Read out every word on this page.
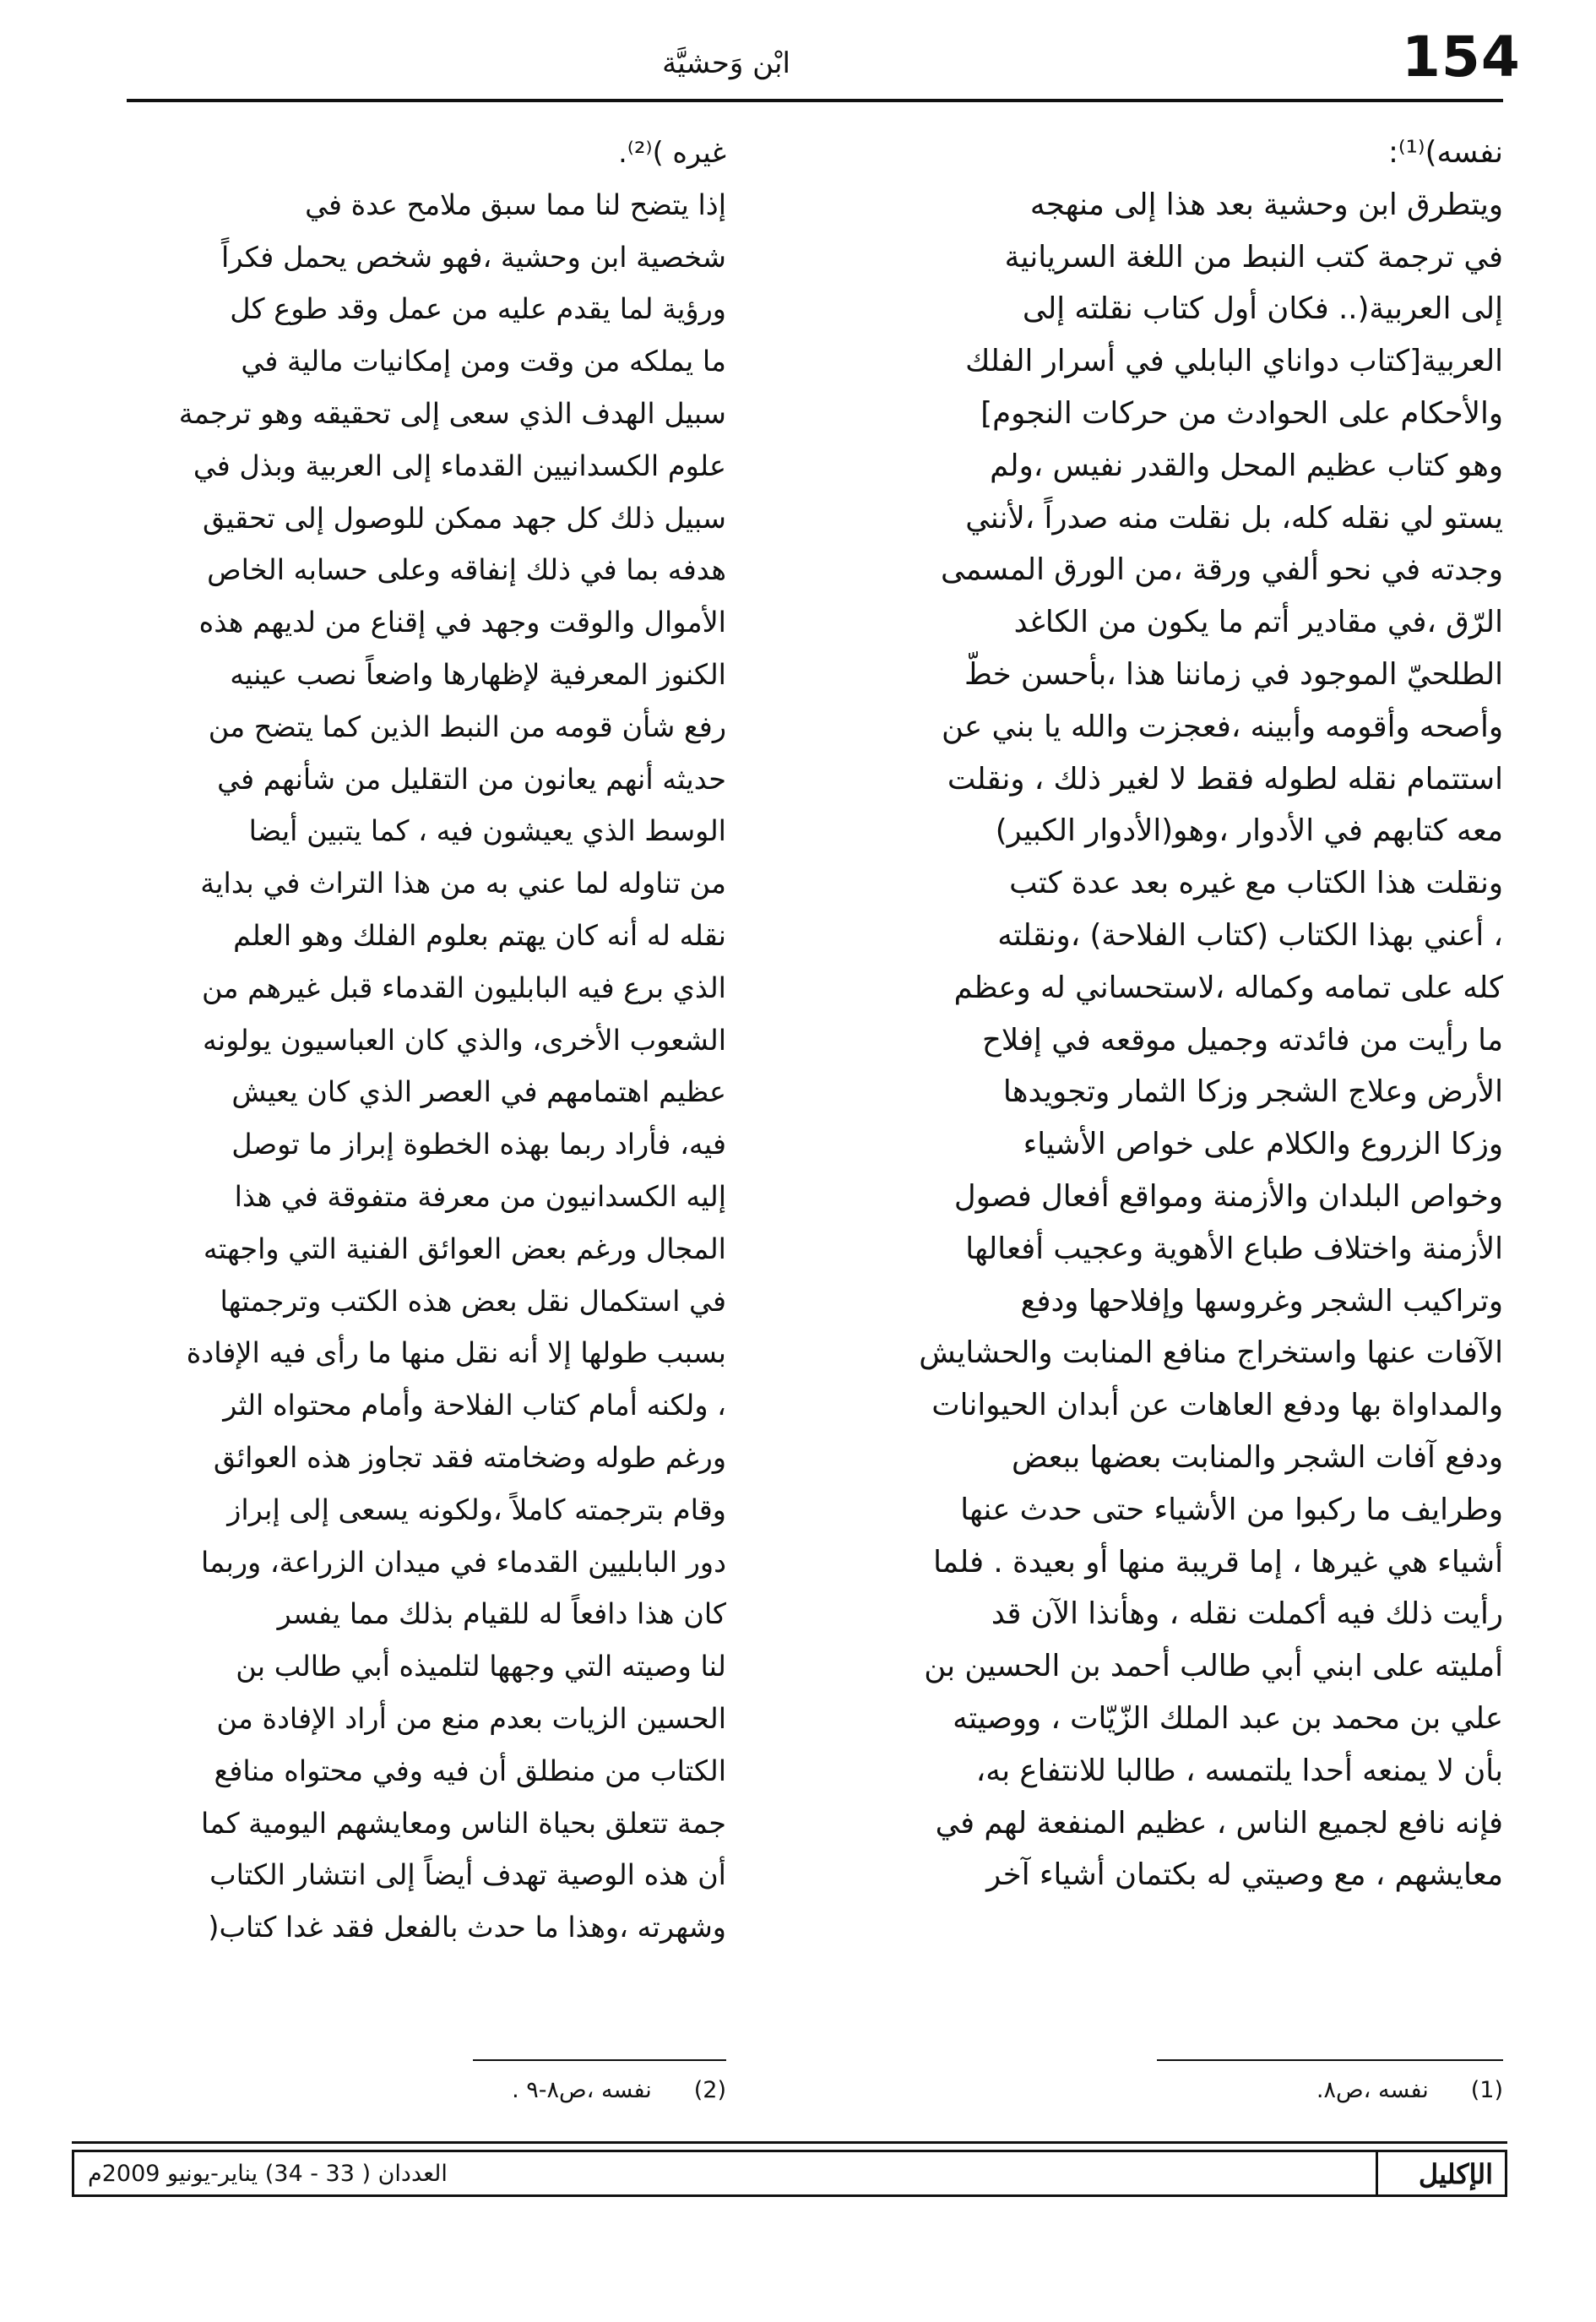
154
ابْن وَحشيَّة
نفسه)⁽¹⁾:
ويتطرق ابن وحشية بعد هذا إلى منهجه
في ترجمة كتب النبط من اللغة السريانية
إلى العربية(.. فكان أول كتاب نقلته إلى
العربية[كتاب دواناي البابلي في أسرار الفلك
والأحكام على الحوادث من حركات النجوم]
وهو كتاب عظيم المحل والقدر نفيس ،ولم
يستو لي نقله كله، بل نقلت منه صدراً ،لأنني
وجدته في نحو ألفي ورقة ،من الورق المسمى
الرّق ،في مقادير أتم ما يكون من الكاغد
الطلحيّ الموجود في زماننا هذا ،بأحسن خطّ
وأصحه وأقومه وأبينه ،فعجزت والله يا بني عن
استتمام نقله لطوله فقط لا لغير ذلك ، ونقلت
معه كتابهم في الأدوار ،وهو(الأدوار الكبير)
ونقلت هذا الكتاب مع غيره بعد عدة كتب
، أعني بهذا الكتاب (كتاب الفلاحة) ،ونقلته
كله على تمامه وكماله ،لاستحساني له وعظم
ما رأيت من فائدته وجميل موقعه في إفلاح
الأرض وعلاج الشجر وزكا الثمار وتجويدها
وزكا الزروع والكلام على خواص الأشياء
وخواص البلدان والأزمنة ومواقع أفعال فصول
الأزمنة واختلاف طباع الأهوية وعجيب أفعالها
وتراكيب الشجر وغروسها وإفلاحها ودفع
الآفات عنها واستخراج منافع المنابت والحشايش
والمداواة بها ودفع العاهات عن أبدان الحيوانات
ودفع آفات الشجر والمنابت بعضها ببعض
وطرايف ما ركبوا من الأشياء حتى حدث عنها
أشياء هي غيرها ، إما قريبة منها أو بعيدة . فلما
رأيت ذلك فيه أكملت نقله ، وهأنذا الآن قد
أمليته على ابني أبي طالب أحمد بن الحسين بن
علي بن محمد بن عبد الملك الزّيّات ، ووصيته
بأن لا يمنعه أحدا يلتمسه ، طالبا للانتفاع به،
فإنه نافع لجميع الناس ، عظيم المنفعة لهم في
معايشهم ، مع وصيتي له بكتمان أشياء آخر
غيره )⁽²⁾.
إذا يتضح لنا مما سبق ملامح عدة في
شخصية ابن وحشية ،فهو شخص يحمل فكراً
ورؤية لما يقدم عليه من عمل وقد طوع كل
ما يملكه من وقت ومن إمكانيات مالية في
سبيل الهدف الذي سعى إلى تحقيقه وهو ترجمة
علوم الكسدانيين القدماء إلى العربية وبذل في
سبيل ذلك كل جهد ممكن للوصول إلى تحقيق
هدفه بما في ذلك إنفاقه وعلى حسابه الخاص
الأموال والوقت وجهد في إقناع من لديهم هذه
الكنوز المعرفية لإظهارها واضعاً نصب عينيه
رفع شأن قومه من النبط الذين كما يتضح من
حديثه أنهم يعانون من التقليل من شأنهم في
الوسط الذي يعيشون فيه ، كما يتبين أيضا
من تناوله لما عني به من هذا التراث في بداية
نقله له أنه كان يهتم بعلوم الفلك وهو العلم
الذي برع فيه البابليون القدماء قبل غيرهم من
الشعوب الأخرى، والذي كان العباسيون يولونه
عظيم اهتمامهم في العصر الذي كان يعيش
فيه، فأراد ربما بهذه الخطوة إبراز ما توصل
إليه الكسدانيون من معرفة متفوقة في هذا
المجال ورغم بعض العوائق الفنية التي واجهته
في استكمال نقل بعض هذه الكتب وترجمتها
بسبب طولها إلا أنه نقل منها ما رأى فيه الإفادة
، ولكنه أمام كتاب الفلاحة وأمام محتواه الثر
ورغم طوله وضخامته فقد تجاوز هذه العوائق
وقام بترجمته كاملاً ،ولكونه يسعى إلى إبراز
دور البابليين القدماء في ميدان الزراعة، وربما
كان هذا دافعاً له للقيام بذلك مما يفسر
لنا وصيته التي وجهها لتلميذه أبي طالب بن
الحسين الزيات بعدم منع من أراد الإفادة من
الكتاب من منطلق أن فيه وفي محتواه منافع
جمة تتعلق بحياة الناس ومعايشهم اليومية كما
أن هذه الوصية تهدف أيضاً إلى انتشار الكتاب
وشهرته ،وهذا ما حدث بالفعل فقد غدا كتاب(
(1)نفسه ،ص٨.
(2)نفسه ،ص٨-٩ .
الإكليل
العددان ( 33 - 34) يناير-يونيو 2009م
